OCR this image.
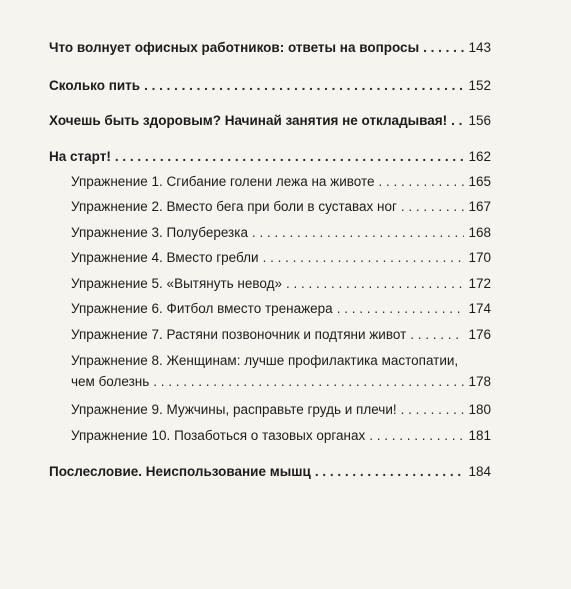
Что волнует офисных работников: ответы на вопросы . . .	143
Сколько пить . . .	152
Хочешь быть здоровым? Начинай занятия не откладывая! . . . 156
На старт! . . .	162
Упражнение 1. Сгибание голени лежа на животе . . .	165
Упражнение 2. Вместо бега при боли в суставах ног . . .	167
Упражнение 3. Полуберезка . . .	168
Упражнение 4. Вместо гребли . . .	170
Упражнение 5. «Вытянуть невод» . . .	172
Упражнение 6. Фитбол вместо тренажера . . .	174
Упражнение 7. Растяни позвоночник и подтяни живот . . .	176
Упражнение 8. Женщинам: лучше профилактика мастопатии,
чем болезнь . . .	178
Упражнение 9. Мужчины, расправьте грудь и плечи! . . .	180
Упражнение 10. Позаботься о тазовых органах . . .	181
Послесловие. Неиспользование мышц . . .	184
